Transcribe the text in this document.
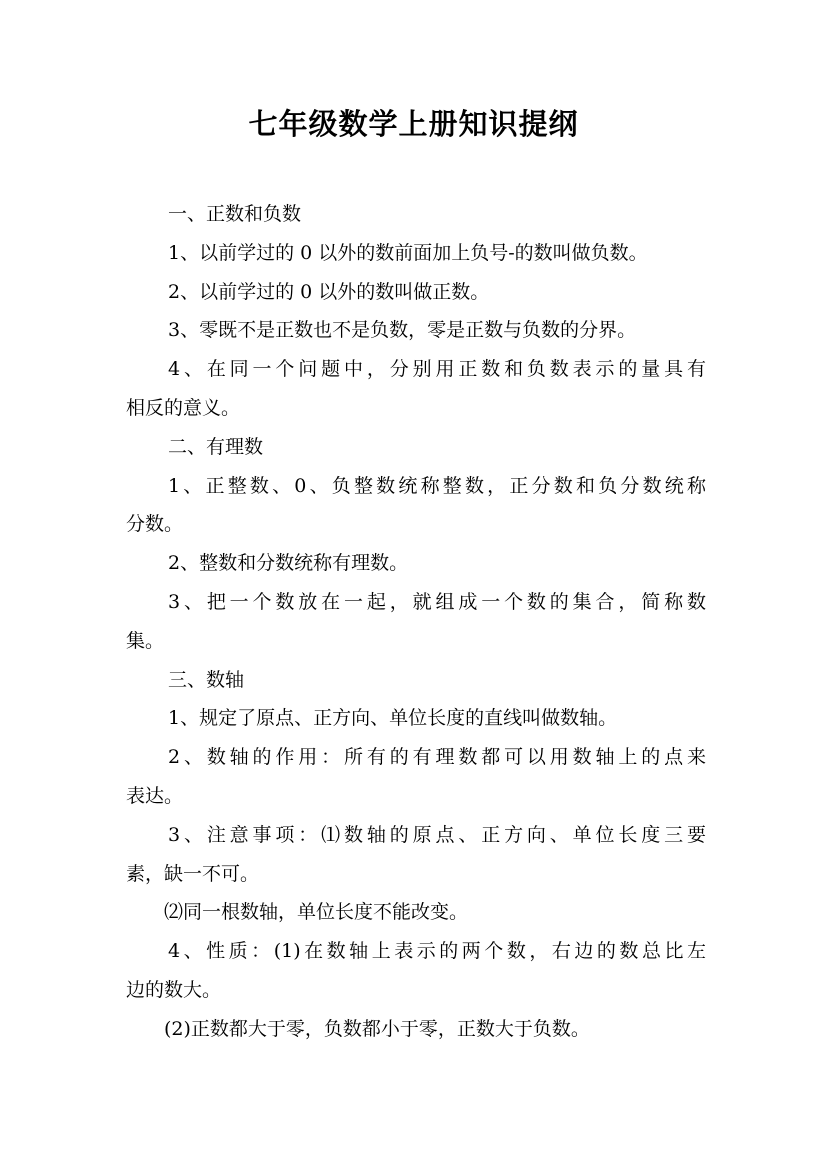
七年级数学上册知识提纲
一、正数和负数
1、以前学过的 0 以外的数前面加上负号-的数叫做负数。
2、以前学过的 0 以外的数叫做正数。
3、零既不是正数也不是负数，零是正数与负数的分界。
4、在同一个问题中，分别用正数和负数表示的量具有
相反的意义。
二、有理数
1、正整数、0、负整数统称整数，正分数和负分数统称
分数。
2、整数和分数统称有理数。
3、把一个数放在一起，就组成一个数的集合，简称数
集。
三、数轴
1、规定了原点、正方向、单位长度的直线叫做数轴。
2、数轴的作用：所有的有理数都可以用数轴上的点来
表达。
3、注意事项：⑴数轴的原点、正方向、单位长度三要
素，缺一不可。
⑵同一根数轴，单位长度不能改变。
4、性质：(1)在数轴上表示的两个数，右边的数总比左
边的数大。
(2)正数都大于零，负数都小于零，正数大于负数。
